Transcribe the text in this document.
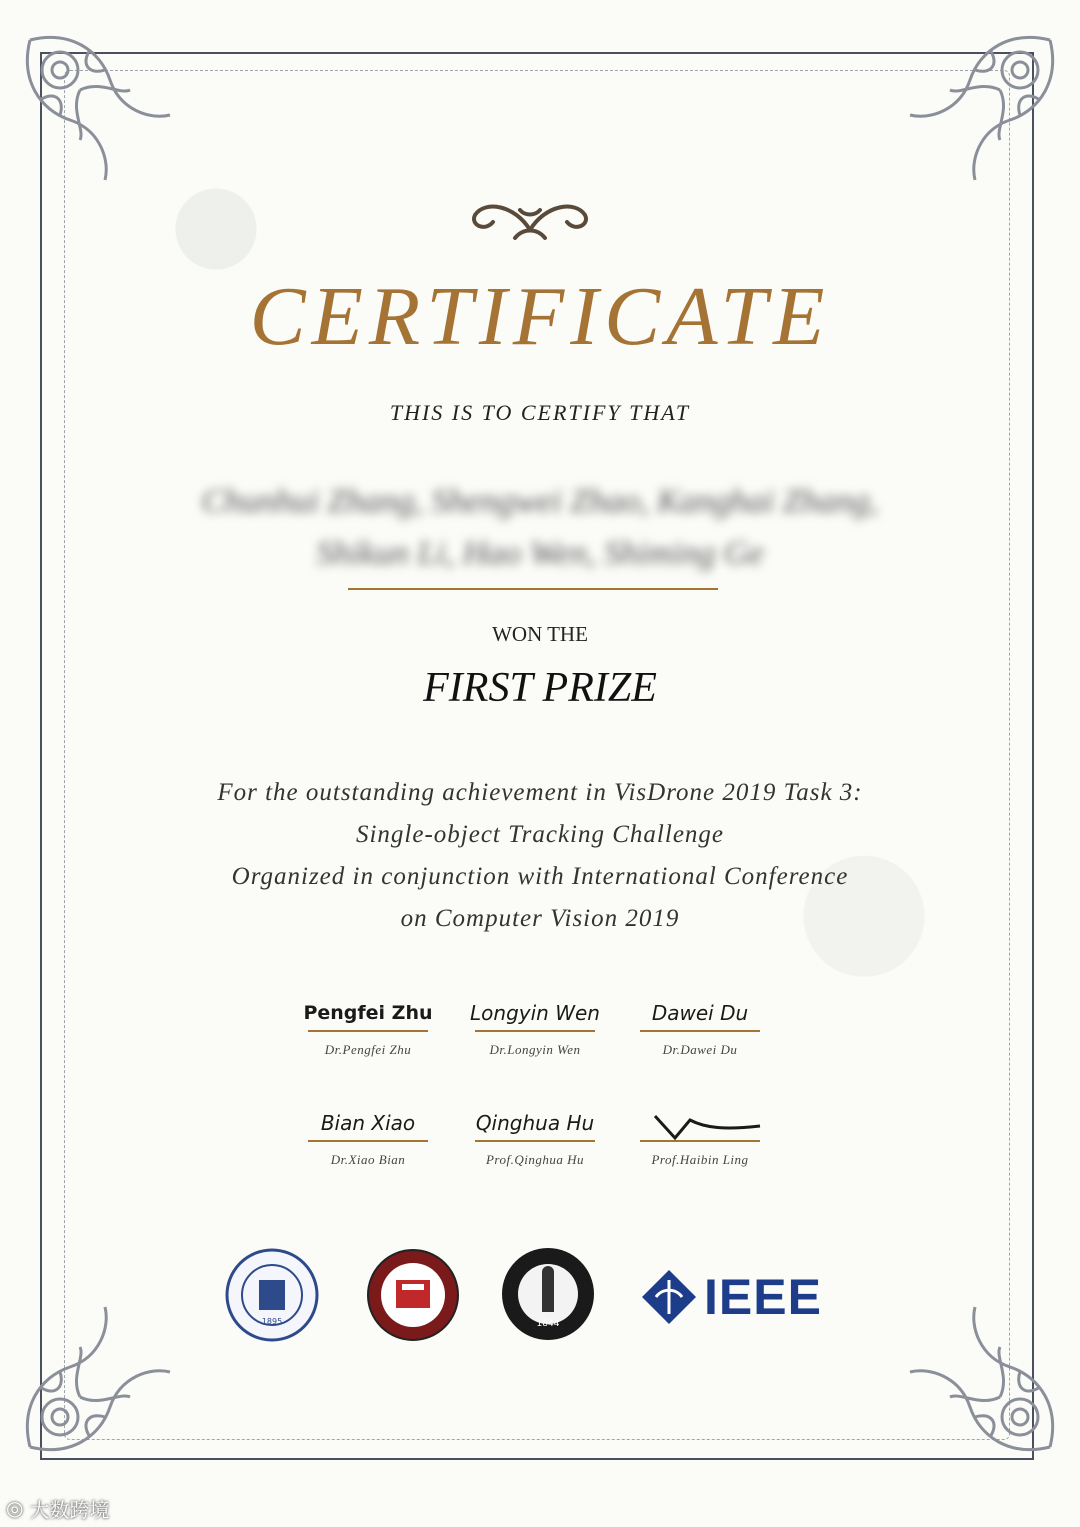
CERTIFICATE
THIS IS TO CERTIFY THAT
Chunhui Zhang, Shengwei Zhao, Kanghai Zhang,
Shikun Li, Hao Wen, Shiming Ge
WON THE
FIRST PRIZE
For the outstanding achievement in VisDrone 2019 Task 3:
Single-object Tracking Challenge
Organized in conjunction with International Conference
on Computer Vision 2019
Pengfei Zhu
Dr.Pengfei Zhu
Longyin Wen
Dr.Longyin Wen
Dawei Du
Dr.Dawei Du
Bian Xiao
Dr.Xiao Bian
Qinghua Hu
Prof.Qinghua Hu	Prof.Haibin Ling
1895	1844	IEEE
◎ 大数跨境
